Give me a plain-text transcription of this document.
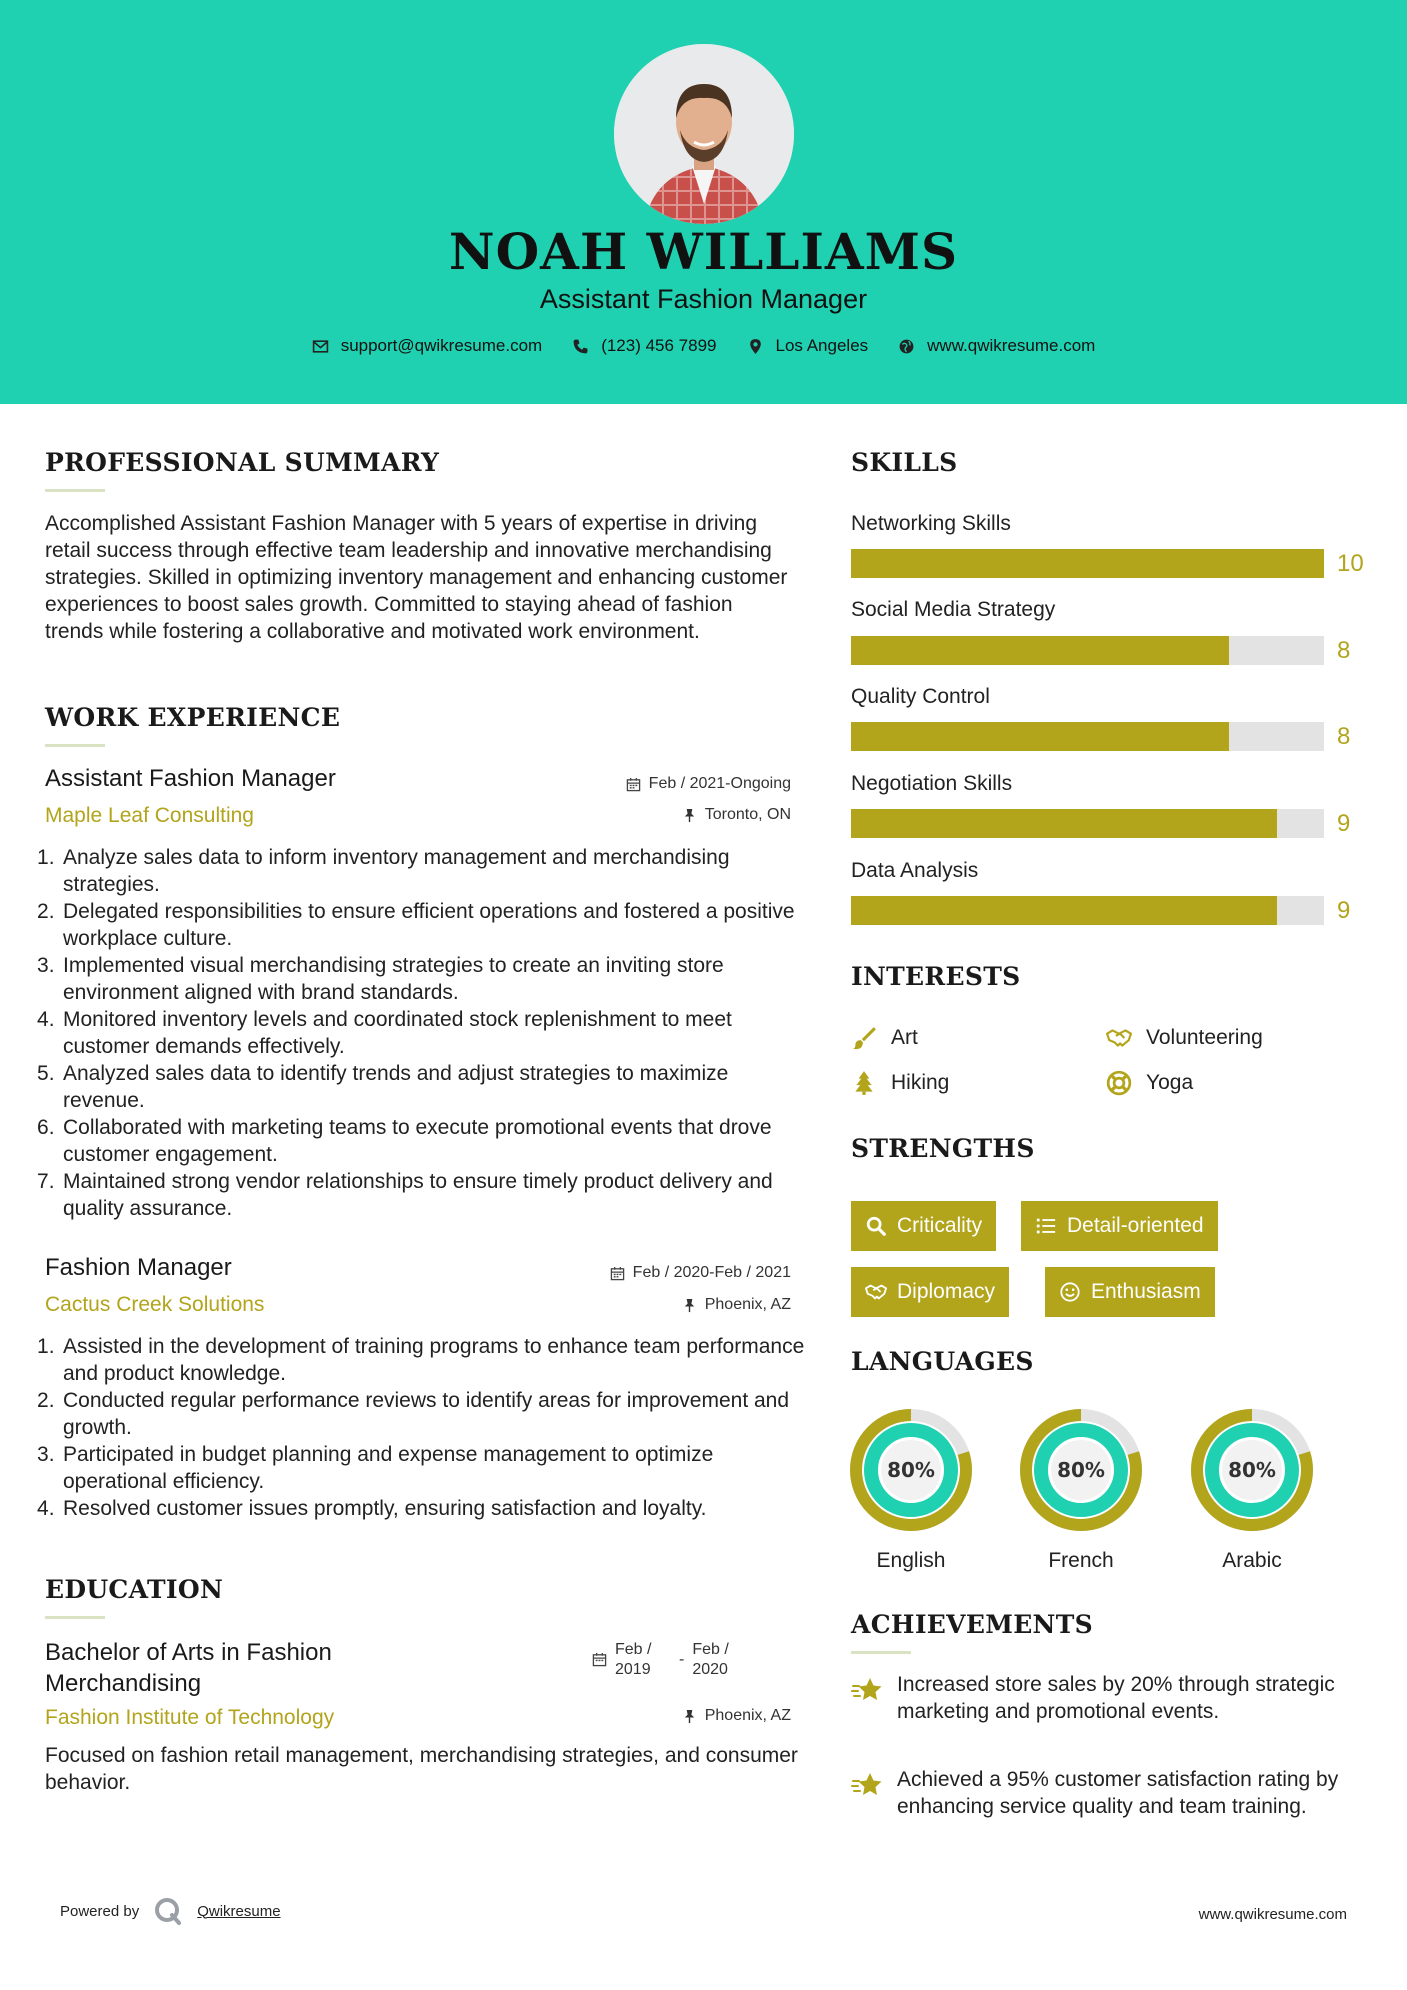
NOAH WILLIAMS
Assistant Fashion Manager
support@qwikresume.com	(123) 456 7899	Los Angeles	www.qwikresume.com
PROFESSIONAL SUMMARY
Accomplished Assistant Fashion Manager with 5 years of expertise in driving retail success through effective team leadership and innovative merchandising strategies. Skilled in optimizing inventory management and enhancing customer experiences to boost sales growth. Committed to staying ahead of fashion trends while fostering a collaborative and motivated work environment.
WORK EXPERIENCE
Assistant Fashion Manager
Maple Leaf Consulting
Feb / 2021-Ongoing
Toronto, ON
Analyze sales data to inform inventory management and merchandising strategies.
Delegated responsibilities to ensure efficient operations and fostered a positive workplace culture.
Implemented visual merchandising strategies to create an inviting store environment aligned with brand standards.
Monitored inventory levels and coordinated stock replenishment to meet customer demands effectively.
Analyzed sales data to identify trends and adjust strategies to maximize revenue.
Collaborated with marketing teams to execute promotional events that drove customer engagement.
Maintained strong vendor relationships to ensure timely product delivery and quality assurance.
Fashion Manager
Cactus Creek Solutions
Feb / 2020-Feb / 2021
Phoenix, AZ
Assisted in the development of training programs to enhance team performance and product knowledge.
Conducted regular performance reviews to identify areas for improvement and growth.
Participated in budget planning and expense management to optimize operational efficiency.
Resolved customer issues promptly, ensuring satisfaction and loyalty.
EDUCATION
Bachelor of Arts in Fashion Merchandising
Fashion Institute of Technology
Feb / 2019
-
Feb / 2020
Phoenix, AZ
Focused on fashion retail management, merchandising strategies, and consumer behavior.
SKILLS
Networking Skills
10
Social Media Strategy
8
Quality Control
8
Negotiation Skills
9
Data Analysis
9
INTERESTS
Art	Volunteering
Hiking	Yoga
STRENGTHS
Criticality	Detail-oriented
Diplomacy	Enthusiasm
LANGUAGES
80%
English
80%
French
80%
Arabic
ACHIEVEMENTS
Increased store sales by 20% through strategic marketing and promotional events.
Achieved a 95% customer satisfaction rating by enhancing service quality and team training.
Powered by	Qwikresume	www.qwikresume.com
